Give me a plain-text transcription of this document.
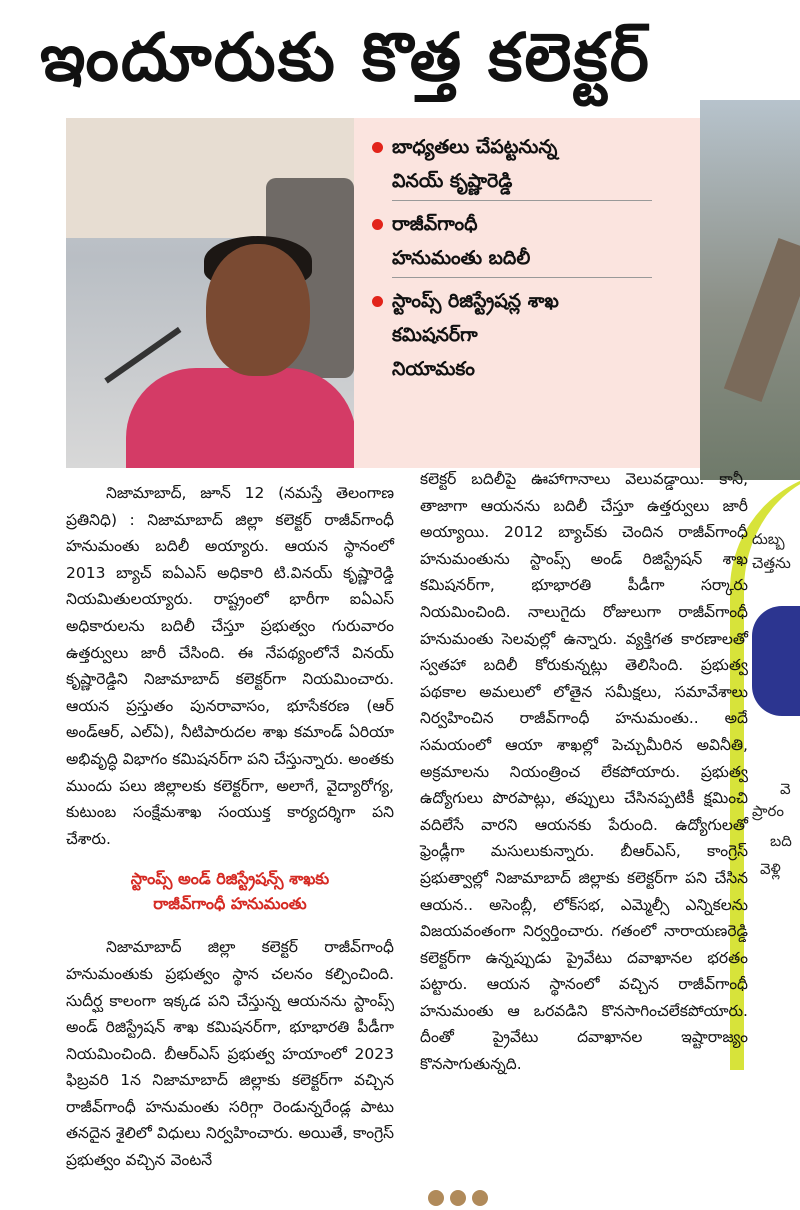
ఇందూరుకు కొత్త కలెక్టర్
బాధ్యతలు చేపట్టనున్న
వినయ్ కృష్ణారెడ్డి
రాజీవ్‌గాంధీ
హనుమంతు బదిలీ
స్టాంప్స్ రిజిస్ట్రేషన్ల శాఖ
కమిషనర్‌గా
నియామకం
దుబ్బ
చెత్తను
వె
ప్రారం
బది
వెళ్లి

నిజామాబాద్, జూన్ 12 (నమస్తే తెలంగాణ ప్రతినిధి) : నిజామాబాద్ జిల్లా కలెక్టర్ రాజీవ్‌గాంధీ హనుమంతు బదిలీ అయ్యారు. ఆయన స్థానంలో 2013 బ్యాచ్ ఐఏఎస్ అధికారి టి.వినయ్ కృష్ణారెడ్డి నియమితులయ్యారు. రాష్ట్రంలో భారీగా ఐఏఎస్ అధికారులను బదిలీ చేస్తూ ప్రభుత్వం గురువారం ఉత్తర్వులు జారీ చేసింది. ఈ నేపథ్యంలోనే వినయ్ కృష్ణారెడ్డిని నిజామాబాద్ కలెక్టర్‌గా నియమించారు. ఆయన ప్రస్తుతం పునరావాసం, భూసేకరణ (ఆర్ అండ్ఆర్, ఎల్ఏ), నీటిపారుదల శాఖ కమాండ్ ఏరియా అభివృద్ధి విభాగం కమిషనర్‌గా పని చేస్తున్నారు. అంతకు ముందు పలు జిల్లాలకు కలెక్టర్‌గా, అలాగే, వైద్యారోగ్య, కుటుంబ సంక్షేమశాఖ సంయుక్త కార్యదర్శిగా పని చేశారు.

స్టాంప్స్ అండ్ రిజిస్ట్రేషన్స్ శాఖకు
రాజీవ్‌గాంధీ హనుమంతు

నిజామాబాద్ జిల్లా కలెక్టర్ రాజీవ్‌గాంధీ హనుమంతుకు ప్రభుత్వం స్థాన చలనం కల్పించింది. సుదీర్ఘ కాలంగా ఇక్కడ పని చేస్తున్న ఆయనను స్టాంప్స్ అండ్ రిజిస్ట్రేషన్ శాఖ కమిషనర్‌గా, భూభారతి పీడీగా నియమించింది. బీఆర్ఎస్ ప్రభుత్వ హయాంలో 2023 ఫిబ్రవరి 1న నిజామాబాద్ జిల్లాకు కలెక్టర్‌గా వచ్చిన రాజీవ్‌గాంధీ హనుమంతు సరిగ్గా రెండున్నరేండ్ల పాటు తనదైన శైలిలో విధులు నిర్వహించారు. అయితే, కాంగ్రెస్ ప్రభుత్వం వచ్చిన వెంటనే

కలెక్టర్ బదిలీపై ఊహాగానాలు వెలువడ్డాయి. కానీ, తాజాగా ఆయనను బదిలీ చేస్తూ ఉత్తర్వులు జారీ అయ్యాయి. 2012 బ్యాచ్‌కు చెందిన రాజీవ్‌గాంధీ హనుమంతును స్టాంప్స్ అండ్ రిజిస్ట్రేషన్ శాఖ కమిషనర్‌గా, భూభారతి పీడీగా సర్కారు నియమించింది. నాలుగైదు రోజులుగా రాజీవ్‌గాంధీ హనుమంతు సెలవుల్లో ఉన్నారు. వ్యక్తిగత కారణాలతో స్వతహా బదిలీ కోరుకున్నట్లు తెలిసింది. ప్రభుత్వ పథకాల అమలులో లోతైన సమీక్షలు, సమావేశాలు నిర్వహించిన రాజీవ్‌గాంధీ హనుమంతు.. అదే సమయంలో ఆయా శాఖల్లో పెచ్చుమీరిన అవినీతి, అక్రమాలను నియంత్రించ లేకపోయారు. ప్రభుత్వ ఉద్యోగులు పొరపాట్లు, తప్పులు చేసినప్పటికీ క్షమించి వదిలేసే వారని ఆయనకు పేరుంది. ఉద్యోగులతో ఫ్రెండ్లీగా మసులుకున్నారు. బీఆర్ఎస్, కాంగ్రెస్ ప్రభుత్వాల్లో నిజామాబాద్ జిల్లాకు కలెక్టర్‌గా పని చేసిన ఆయన.. అసెంబ్లీ, లోక్‌సభ, ఎమ్మెల్సీ ఎన్నికలను విజయవంతంగా నిర్వర్తించారు. గతంలో నారాయణరెడ్డి కలెక్టర్‌గా ఉన్నప్పుడు ప్రైవేటు దవాఖానల భరతం పట్టారు. ఆయన స్థానంలో వచ్చిన రాజీవ్‌గాంధీ హనుమంతు ఆ ఒరవడిని కొనసాగించలేకపోయారు. దీంతో ప్రైవేటు దవాఖానల ఇష్టారాజ్యం కొనసాగుతున్నది.
